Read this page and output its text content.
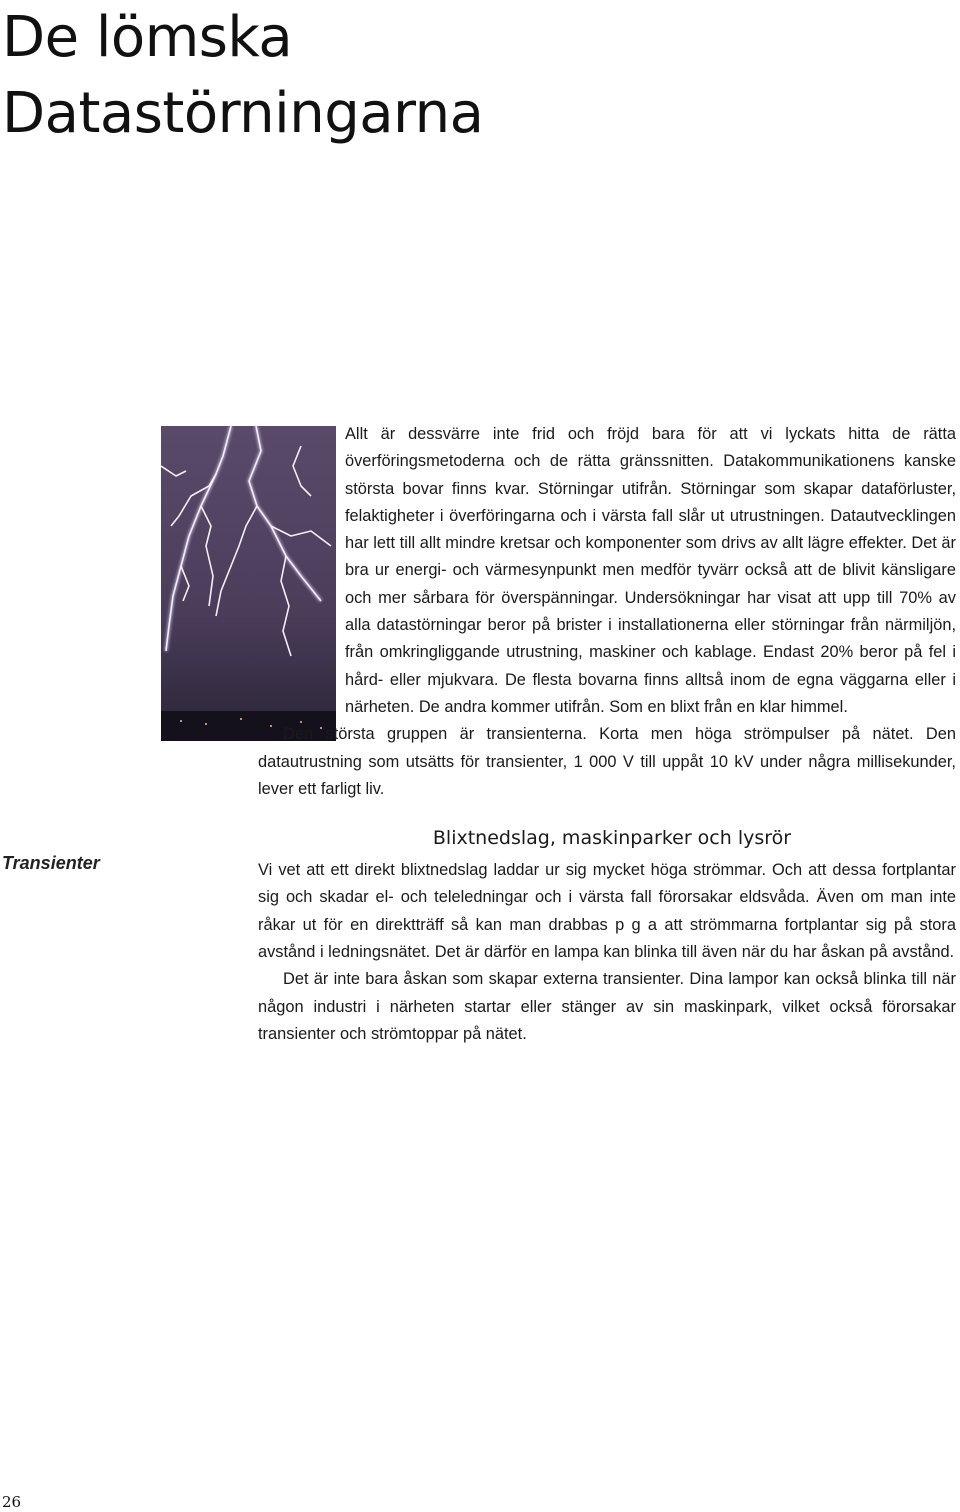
De lömska
Datastörningarna
Transienter

Allt är dessvärre inte frid och fröjd bara för att vi lyckats hitta de rätta överföringsmetoderna och de rätta gränssnitten. Datakommunikationens kanske största bovar finns kvar. Störningar utifrån. Störningar som skapar dataförluster, felaktigheter i överföringarna och i värsta fall slår ut utrustningen. Datautvecklingen har lett till allt mindre kretsar och komponenter som drivs av allt lägre effekter. Det är bra ur energi- och värmesynpunkt men medför tyvärr också att de blivit känsligare och mer sårbara för överspänningar. Undersökningar har visat att upp till 70% av alla datastörningar beror på brister i installationerna eller störningar från närmiljön, från omkringliggande utrustning, maskiner och kablage. Endast 20% beror på fel i hård- eller mjukvara. De flesta bovarna finns alltså inom de egna väggarna eller i närheten. De andra kommer utifrån. Som en blixt från en klar himmel.

Den största gruppen är transienterna. Korta men höga strömpulser på nätet. Den datautrustning som utsätts för transienter, 1 000 V till uppåt 10 kV under några millisekunder, lever ett farligt liv.

Blixtnedslag, maskinparker och lysrör

Vi vet att ett direkt blixtnedslag laddar ur sig mycket höga strömmar. Och att dessa fortplantar sig och skadar el- och teleledningar och i värsta fall förorsakar eldsvåda. Även om man inte råkar ut för en direktträff så kan man drabbas p g a att strömmarna fortplantar sig på stora avstånd i ledningsnätet. Det är därför en lampa kan blinka till även när du har åskan på avstånd.

Det är inte bara åskan som skapar externa transienter. Dina lampor kan också blinka till när någon industri i närheten startar eller stänger av sin maskinpark, vilket också förorsakar transienter och strömtoppar på nätet.

26
